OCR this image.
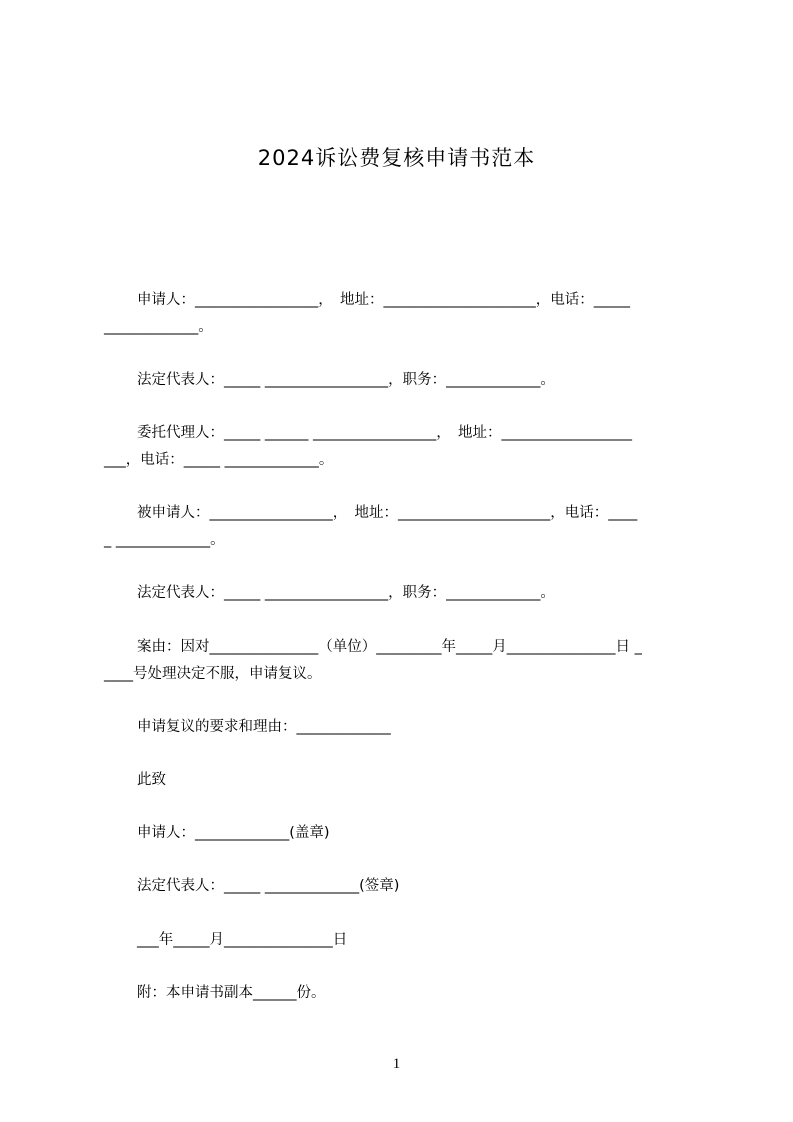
2024诉讼费复核申请书范本
申请人：_________________，　地址：_____________________，电话：_____
_____________。
法定代表人：_____ _________________，职务：_____________。
委托代理人：_____ ______ _________________，　地址：__________________
___，电话：_____ _____________。
被申请人：_________________，　地址：_____________________，电话：____
_ _____________。
法定代表人：_____ _________________，职务：_____________。
案由：因对_______________（单位）_________年_____月_______________日 _
____号处理决定不服，申请复议。
申请复议的要求和理由：_____________
此致
申请人：_____________(盖章)
法定代表人：_____ _____________(签章)
___年_____月_______________日
附：本申请书副本______份。
1
